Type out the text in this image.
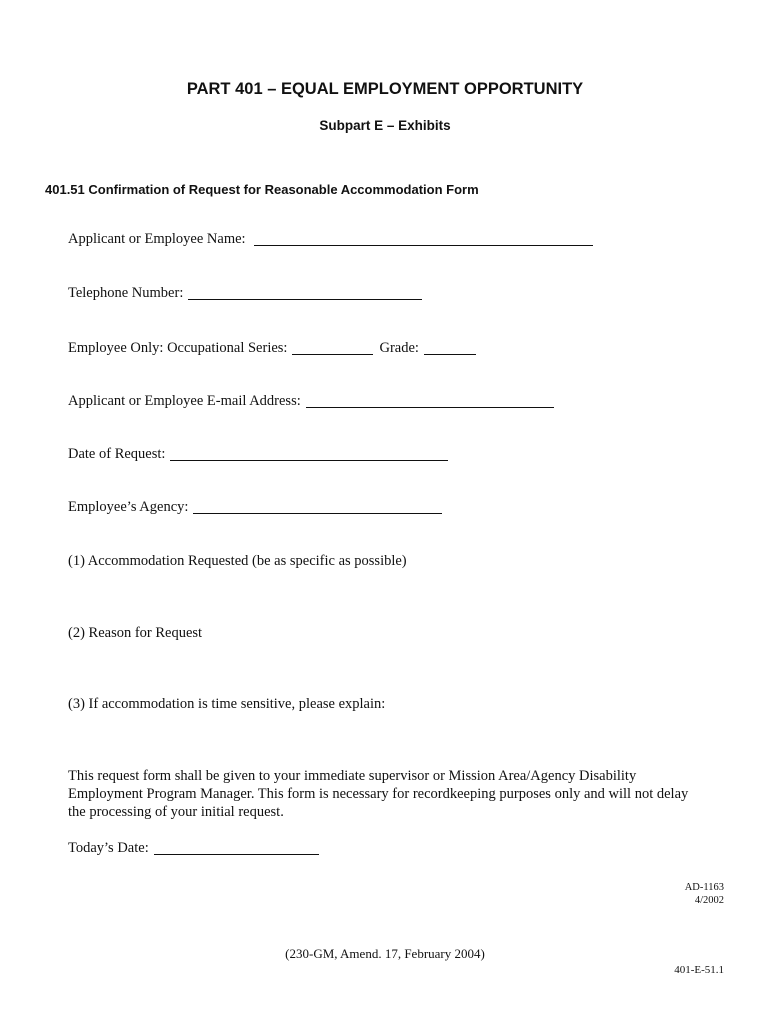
PART 401 – EQUAL EMPLOYMENT OPPORTUNITY
Subpart E – Exhibits
401.51 Confirmation of Request for Reasonable Accommodation Form
Applicant or Employee Name:
Telephone Number:
Employee Only: Occupational Series:	Grade:
Applicant or Employee E-mail Address:
Date of Request:
Employee’s Agency:
(1) Accommodation Requested (be as specific as possible)
(2) Reason for Request
(3) If accommodation is time sensitive, please explain:
This request form shall be given to your immediate supervisor or Mission Area/Agency Disability
Employment Program Manager. This form is necessary for recordkeeping purposes only and will not delay
the processing of your initial request.
Today’s Date:
AD-1163
4/2002
(230-GM, Amend. 17, February 2004)
401-E-51.1
